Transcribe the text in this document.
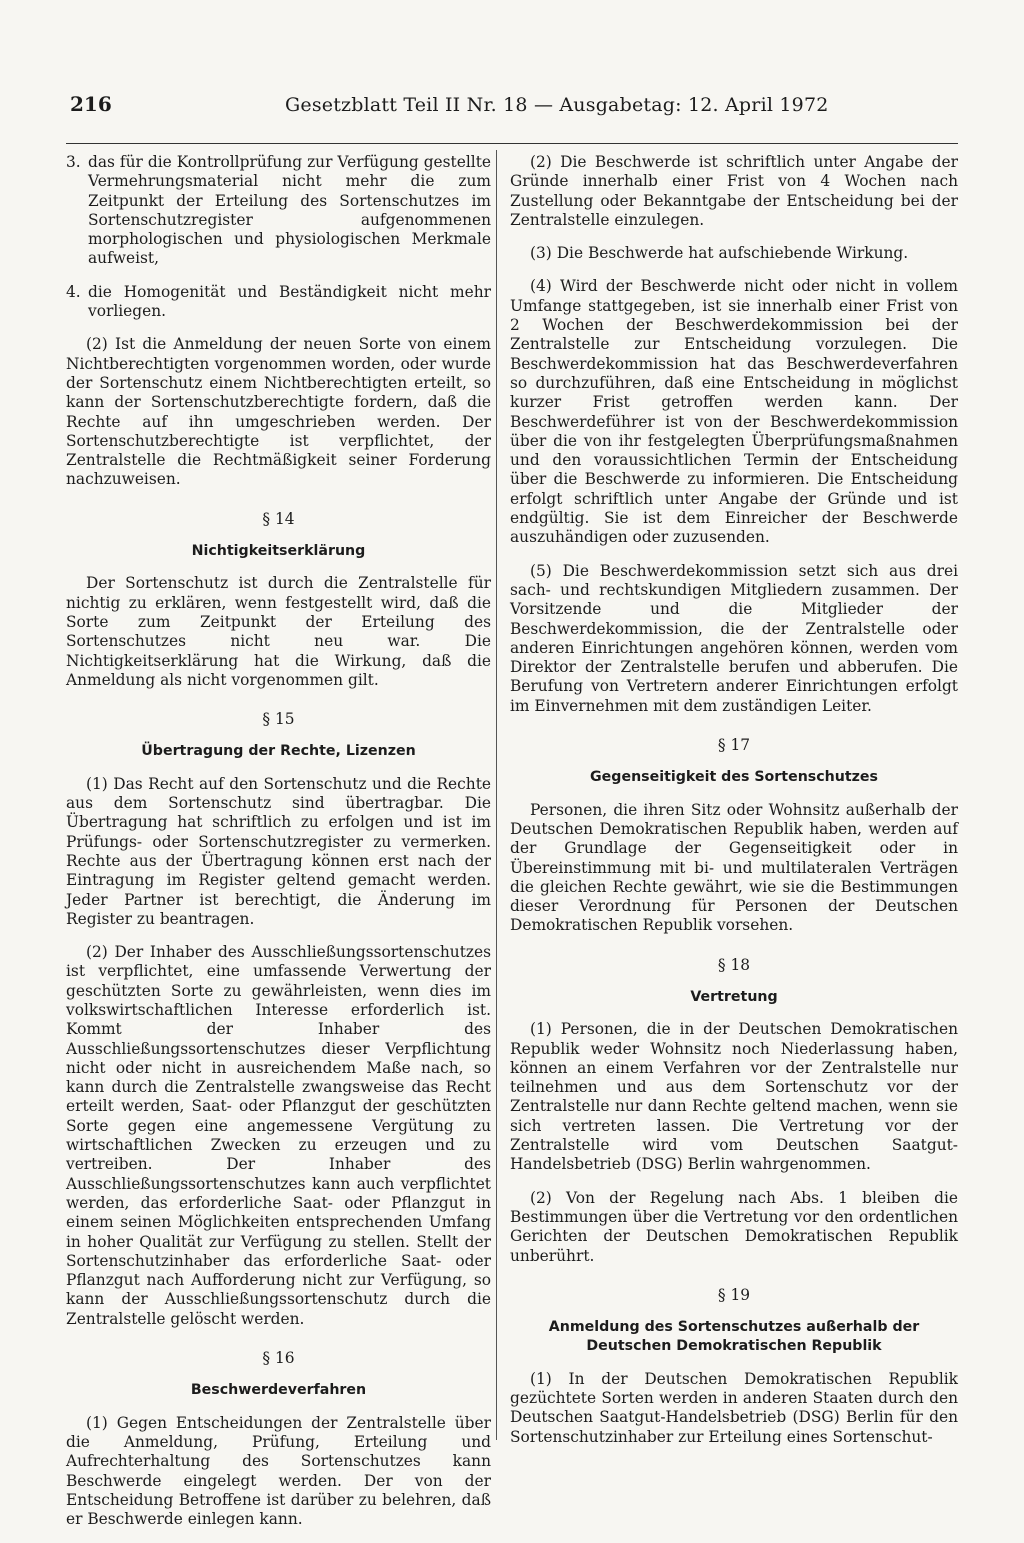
216	Gesetzblatt Teil II Nr. 18 — Ausgabetag: 12. April 1972
3. das für die Kontrollprüfung zur Verfügung gestellte Vermehrungsmaterial nicht mehr die zum Zeitpunkt der Erteilung des Sortenschutzes im Sortenschutzregister aufgenommenen morphologischen und physiologischen Merkmale aufweist,
4. die Homogenität und Beständigkeit nicht mehr vorliegen.

(2) Ist die Anmeldung der neuen Sorte von einem Nichtberechtigten vorgenommen worden, oder wurde der Sortenschutz einem Nichtberechtigten erteilt, so kann der Sortenschutzberechtigte fordern, daß die Rechte auf ihn umgeschrieben werden. Der Sortenschutzberechtigte ist verpflichtet, der Zentralstelle die Rechtmäßigkeit seiner Forderung nachzuweisen.

§ 14
Nichtigkeitserklärung

Der Sortenschutz ist durch die Zentralstelle für nichtig zu erklären, wenn festgestellt wird, daß die Sorte zum Zeitpunkt der Erteilung des Sortenschutzes nicht neu war. Die Nichtigkeitserklärung hat die Wirkung, daß die Anmeldung als nicht vorgenommen gilt.

§ 15
Übertragung der Rechte, Lizenzen

(1) Das Recht auf den Sortenschutz und die Rechte aus dem Sortenschutz sind übertragbar. Die Übertragung hat schriftlich zu erfolgen und ist im Prüfungs- oder Sortenschutzregister zu vermerken. Rechte aus der Übertragung können erst nach der Eintragung im Register geltend gemacht werden. Jeder Partner ist berechtigt, die Änderung im Register zu beantragen.

(2) Der Inhaber des Ausschließungssortenschutzes ist verpflichtet, eine umfassende Verwertung der geschützten Sorte zu gewährleisten, wenn dies im volkswirtschaftlichen Interesse erforderlich ist. Kommt der Inhaber des Ausschließungssortenschutzes dieser Verpflichtung nicht oder nicht in ausreichendem Maße nach, so kann durch die Zentralstelle zwangsweise das Recht erteilt werden, Saat- oder Pflanzgut der geschützten Sorte gegen eine angemessene Vergütung zu wirtschaftlichen Zwecken zu erzeugen und zu vertreiben. Der Inhaber des Ausschließungssortenschutzes kann auch verpflichtet werden, das erforderliche Saat- oder Pflanzgut in einem seinen Möglichkeiten entsprechenden Umfang in hoher Qualität zur Verfügung zu stellen. Stellt der Sortenschutzinhaber das erforderliche Saat- oder Pflanzgut nach Aufforderung nicht zur Verfügung, so kann der Ausschließungssortenschutz durch die Zentralstelle gelöscht werden.

§ 16
Beschwerdeverfahren

(1) Gegen Entscheidungen der Zentralstelle über die Anmeldung, Prüfung, Erteilung und Aufrechterhaltung des Sortenschutzes kann Beschwerde eingelegt werden. Der von der Entscheidung Betroffene ist darüber zu belehren, daß er Beschwerde einlegen kann.

(2) Die Beschwerde ist schriftlich unter Angabe der Gründe innerhalb einer Frist von 4 Wochen nach Zustellung oder Bekanntgabe der Entscheidung bei der Zentralstelle einzulegen.

(3) Die Beschwerde hat aufschiebende Wirkung.

(4) Wird der Beschwerde nicht oder nicht in vollem Umfange stattgegeben, ist sie innerhalb einer Frist von 2 Wochen der Beschwerdekommission bei der Zentralstelle zur Entscheidung vorzulegen. Die Beschwerdekommission hat das Beschwerdeverfahren so durchzuführen, daß eine Entscheidung in möglichst kurzer Frist getroffen werden kann. Der Beschwerdeführer ist von der Beschwerdekommission über die von ihr festgelegten Überprüfungsmaßnahmen und den voraussichtlichen Termin der Entscheidung über die Beschwerde zu informieren. Die Entscheidung erfolgt schriftlich unter Angabe der Gründe und ist endgültig. Sie ist dem Einreicher der Beschwerde auszuhändigen oder zuzusenden.

(5) Die Beschwerdekommission setzt sich aus drei sach- und rechtskundigen Mitgliedern zusammen. Der Vorsitzende und die Mitglieder der Beschwerdekommission, die der Zentralstelle oder anderen Einrichtungen angehören können, werden vom Direktor der Zentralstelle berufen und abberufen. Die Berufung von Vertretern anderer Einrichtungen erfolgt im Einvernehmen mit dem zuständigen Leiter.

§ 17
Gegenseitigkeit des Sortenschutzes

Personen, die ihren Sitz oder Wohnsitz außerhalb der Deutschen Demokratischen Republik haben, werden auf der Grundlage der Gegenseitigkeit oder in Übereinstimmung mit bi- und multilateralen Verträgen die gleichen Rechte gewährt, wie sie die Bestimmungen dieser Verordnung für Personen der Deutschen Demokratischen Republik vorsehen.

§ 18
Vertretung

(1) Personen, die in der Deutschen Demokratischen Republik weder Wohnsitz noch Niederlassung haben, können an einem Verfahren vor der Zentralstelle nur teilnehmen und aus dem Sortenschutz vor der Zentralstelle nur dann Rechte geltend machen, wenn sie sich vertreten lassen. Die Vertretung vor der Zentralstelle wird vom Deutschen Saatgut-Handelsbetrieb (DSG) Berlin wahrgenommen.

(2) Von der Regelung nach Abs. 1 bleiben die Bestimmungen über die Vertretung vor den ordentlichen Gerichten der Deutschen Demokratischen Republik unberührt.

§ 19
Anmeldung des Sortenschutzes außerhalb der Deutschen Demokratischen Republik

(1) In der Deutschen Demokratischen Republik gezüchtete Sorten werden in anderen Staaten durch den Deutschen Saatgut-Handelsbetrieb (DSG) Berlin für den Sortenschutzinhaber zur Erteilung eines Sortenschut-
